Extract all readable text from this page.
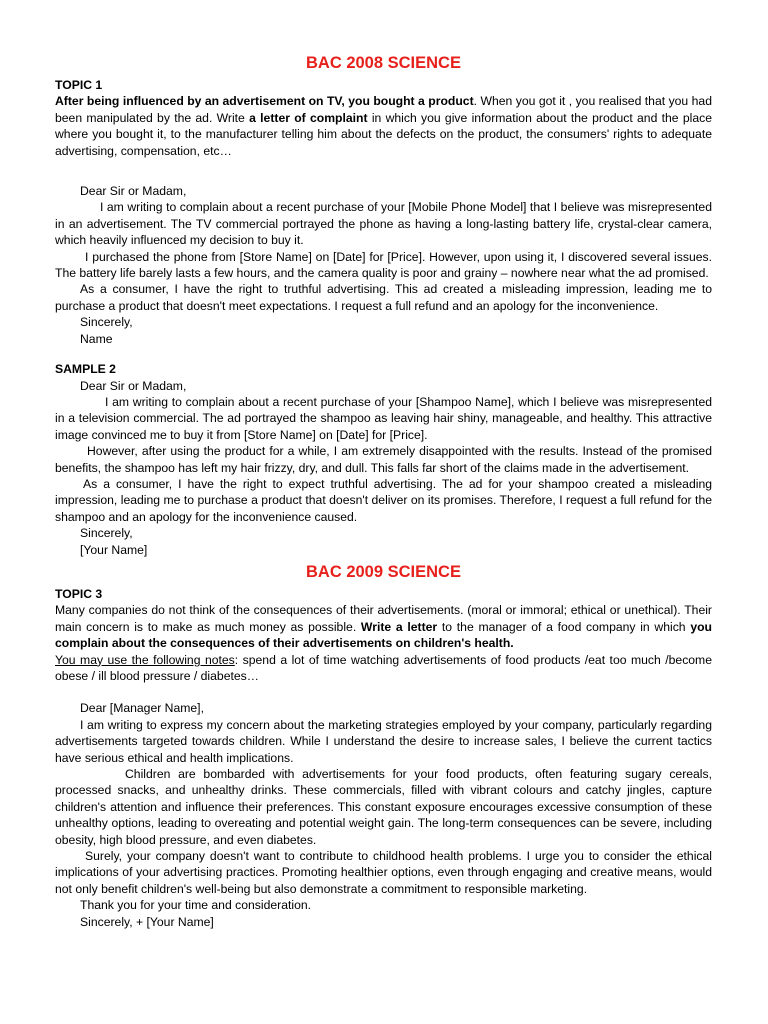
BAC 2008 SCIENCE

TOPIC 1

After being influenced by an advertisement on TV, you bought a product. When you got it , you realised that you had been manipulated by the ad. Write a letter of complaint in which you give information about the product and the place where you bought it, to the manufacturer telling him about the defects on the product, the consumers' rights to adequate advertising, compensation, etc…

Dear Sir or Madam,

I am writing to complain about a recent purchase of your [Mobile Phone Model] that I believe was misrepresented in an advertisement. The TV commercial portrayed the phone as having a long-lasting battery life, crystal-clear camera, which heavily influenced my decision to buy it.

I purchased the phone from [Store Name] on [Date] for [Price]. However, upon using it, I discovered several issues. The battery life barely lasts a few hours, and the camera quality is poor and grainy – nowhere near what the ad promised.

As a consumer, I have the right to truthful advertising. This ad created a misleading impression, leading me to purchase a product that doesn't meet expectations. I request a full refund and an apology for the inconvenience.

Sincerely,

Name

SAMPLE 2

Dear Sir or Madam,

I am writing to complain about a recent purchase of your [Shampoo Name], which I believe was misrepresented in a television commercial. The ad portrayed the shampoo as leaving hair shiny, manageable, and healthy. This attractive image convinced me to buy it from [Store Name] on [Date] for [Price].

However, after using the product for a while, I am extremely disappointed with the results. Instead of the promised benefits, the shampoo has left my hair frizzy, dry, and dull. This falls far short of the claims made in the advertisement.

As a consumer, I have the right to expect truthful advertising. The ad for your shampoo created a misleading impression, leading me to purchase a product that doesn't deliver on its promises. Therefore, I request a full refund for the shampoo and an apology for the inconvenience caused.

Sincerely,

[Your Name]

BAC 2009 SCIENCE

TOPIC 3

Many companies do not think of the consequences of their advertisements. (moral or immoral; ethical or unethical). Their main concern is to make as much money as possible. Write a letter to the manager of a food company in which you complain about the consequences of their advertisements on children's health.

You may use the following notes: spend a lot of time watching advertisements of food products /eat too much /become obese / ill blood pressure / diabetes…

Dear [Manager Name],

I am writing to express my concern about the marketing strategies employed by your company, particularly regarding advertisements targeted towards children. While I understand the desire to increase sales, I believe the current tactics have serious ethical and health implications.

Children are bombarded with advertisements for your food products, often featuring sugary cereals, processed snacks, and unhealthy drinks. These commercials, filled with vibrant colours and catchy jingles, capture children's attention and influence their preferences. This constant exposure encourages excessive consumption of these unhealthy options, leading to overeating and potential weight gain. The long-term consequences can be severe, including obesity, high blood pressure, and even diabetes.

Surely, your company doesn't want to contribute to childhood health problems. I urge you to consider the ethical implications of your advertising practices. Promoting healthier options, even through engaging and creative means, would not only benefit children's well-being but also demonstrate a commitment to responsible marketing.

Thank you for your time and consideration.

Sincerely, + [Your Name]
